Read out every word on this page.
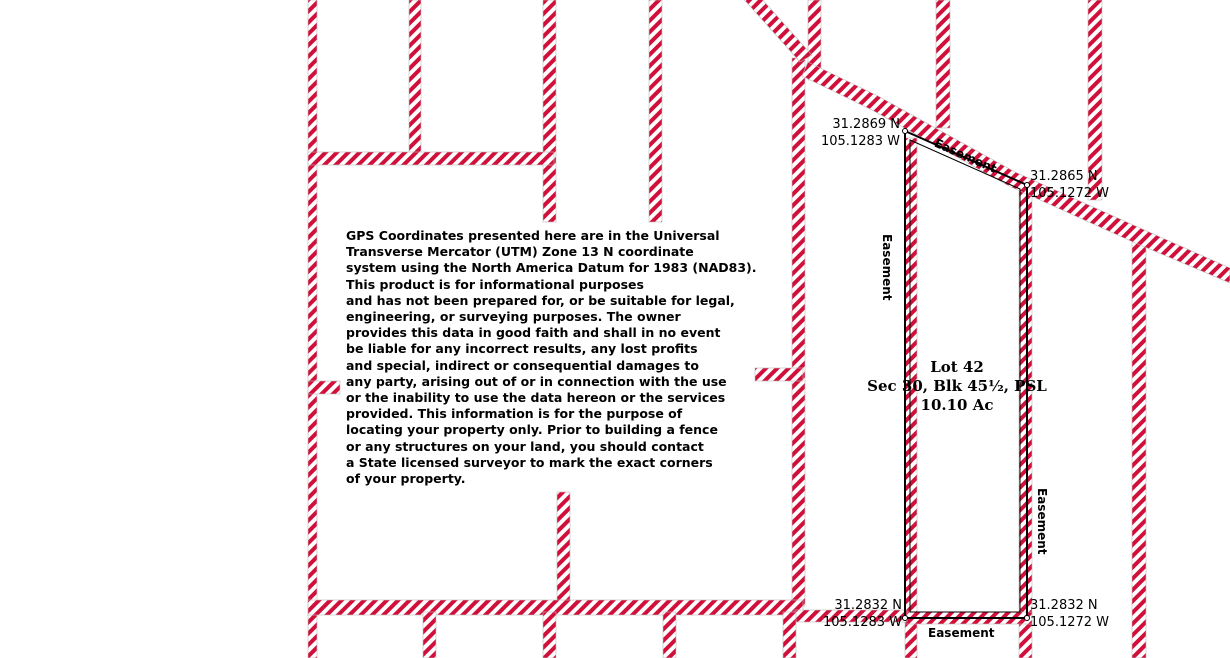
GPS Coordinates presented here are in the Universal
Transverse Mercator (UTM) Zone 13 N coordinate
system using the North America Datum for 1983 (NAD83).
This product is for informational purposes
and has not been prepared for, or be suitable for legal,
engineering, or surveying purposes. The owner
provides this data in good faith and shall in no event
be liable for any incorrect results, any lost profits
and special, indirect or consequential damages to
any party, arising out of or in connection with the use
or the inability to use the data hereon or the services
provided. This information is for the purpose of
locating your property only. Prior to building a fence
or any structures on your land, you should contact
a State licensed surveyor to mark the exact corners
of your property.
31.2869 N
105.1283 W
31.2865 N
105.1272 W
31.2832 N
105.1283 W
31.2832 N
105.1272 W
Lot 42
Sec 30, Blk 45½, PSL
10.10 Ac
Easement
Easement
Easement
Easement
